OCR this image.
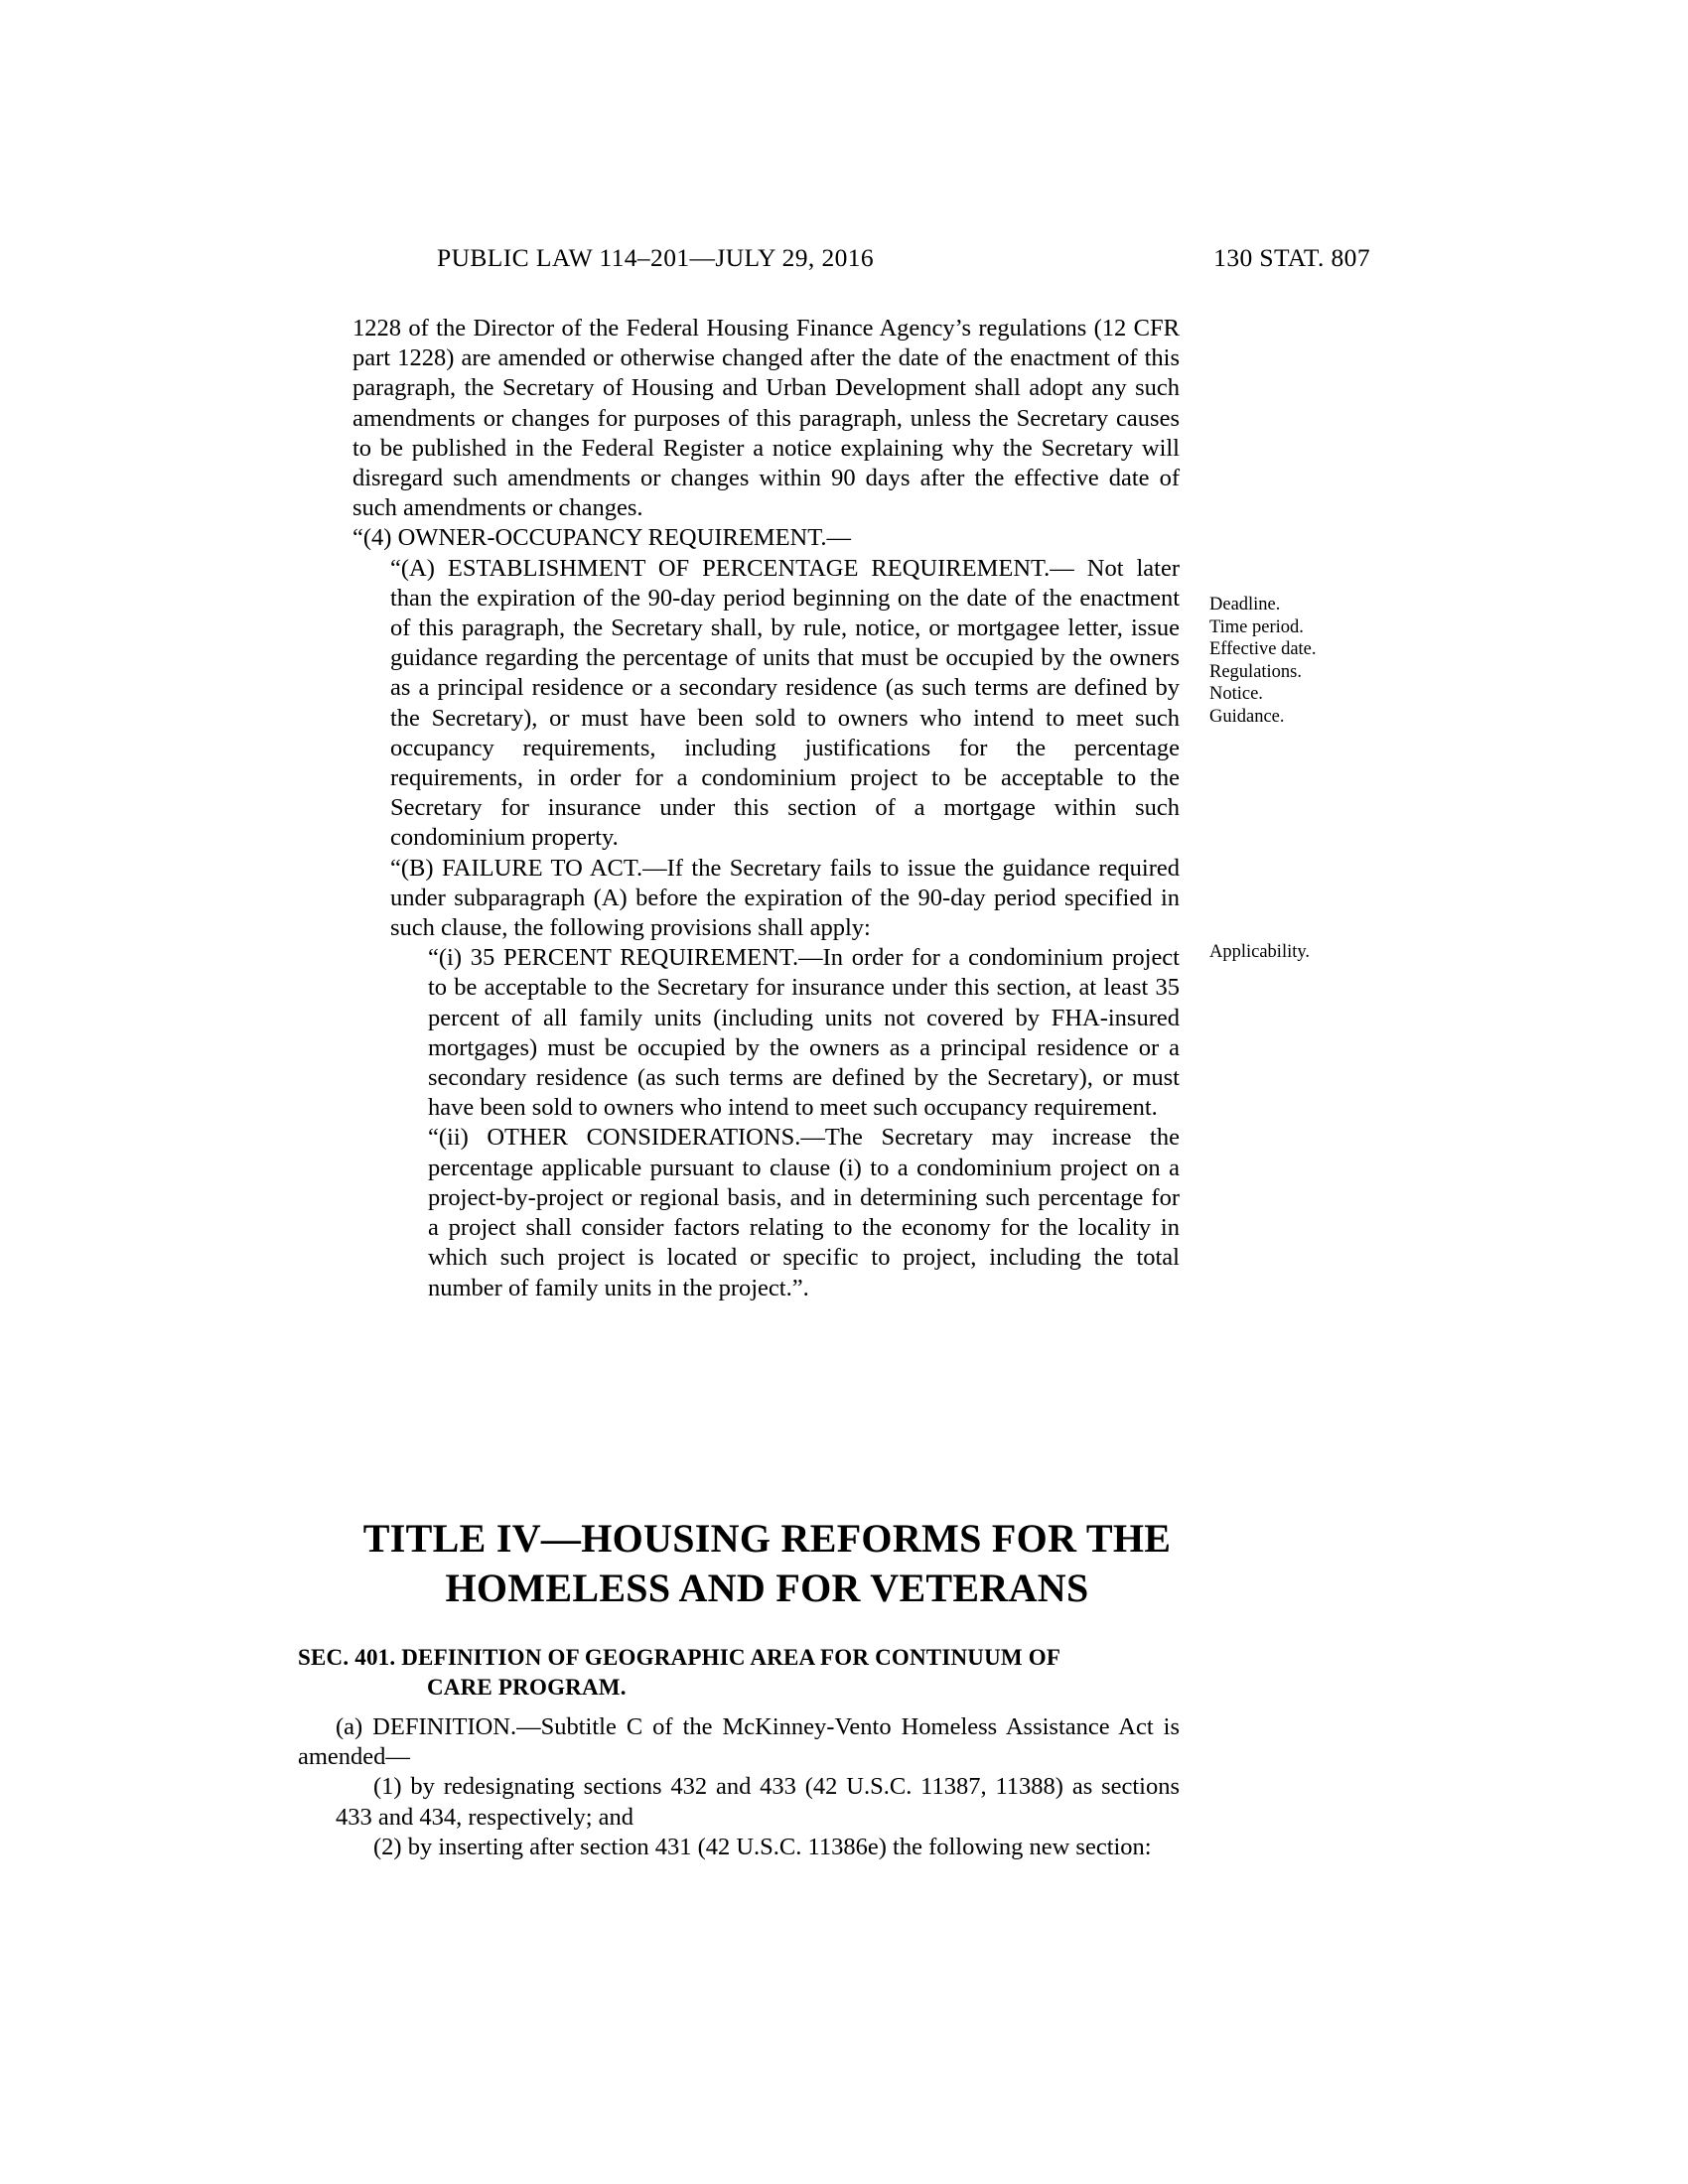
PUBLIC LAW 114–201—JULY 29, 2016	130 STAT. 807

1228 of the Director of the Federal Housing Finance Agency’s regulations (12 CFR part 1228) are amended or otherwise changed after the date of the enactment of this paragraph, the Secretary of Housing and Urban Development shall adopt any such amendments or changes for purposes of this paragraph, unless the Secretary causes to be published in the Federal Register a notice explaining why the Secretary will disregard such amendments or changes within 90 days after the effective date of such amendments or changes.

“(4) OWNER-OCCUPANCY REQUIREMENT.—

“(A) ESTABLISHMENT OF PERCENTAGE REQUIREMENT.— Not later than the expiration of the 90-day period beginning on the date of the enactment of this paragraph, the Secretary shall, by rule, notice, or mortgagee letter, issue guidance regarding the percentage of units that must be occupied by the owners as a principal residence or a secondary residence (as such terms are defined by the Secretary), or must have been sold to owners who intend to meet such occupancy requirements, including justifications for the percentage requirements, in order for a condominium project to be acceptable to the Secretary for insurance under this section of a mortgage within such condominium property.

“(B) FAILURE TO ACT.—If the Secretary fails to issue the guidance required under subparagraph (A) before the expiration of the 90-day period specified in such clause, the following provisions shall apply:

“(i) 35 PERCENT REQUIREMENT.—In order for a condominium project to be acceptable to the Secretary for insurance under this section, at least 35 percent of all family units (including units not covered by FHA-insured mortgages) must be occupied by the owners as a principal residence or a secondary residence (as such terms are defined by the Secretary), or must have been sold to owners who intend to meet such occupancy requirement.

“(ii) OTHER CONSIDERATIONS.—The Secretary may increase the percentage applicable pursuant to clause (i) to a condominium project on a project-by-project or regional basis, and in determining such percentage for a project shall consider factors relating to the economy for the locality in which such project is located or specific to project, including the total number of family units in the project.”.

Deadline.
Time period.
Effective date.
Regulations.
Notice.
Guidance.
Applicability.
TITLE IV—HOUSING REFORMS FOR THE
HOMELESS AND FOR VETERANS
SEC. 401. DEFINITION OF GEOGRAPHIC AREA FOR CONTINUUM OF
CARE PROGRAM.

(a) DEFINITION.—Subtitle C of the McKinney-Vento Homeless Assistance Act is amended—

(1) by redesignating sections 432 and 433 (42 U.S.C. 11387, 11388) as sections 433 and 434, respectively; and

(2) by inserting after section 431 (42 U.S.C. 11386e) the following new section:
